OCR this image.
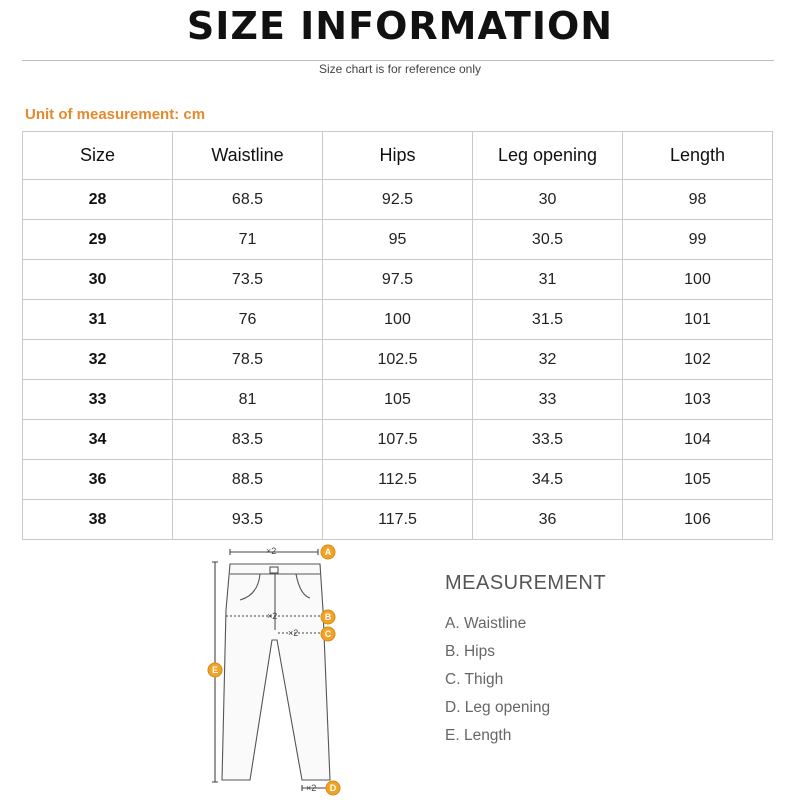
SIZE INFORMATION
Size chart is for reference only
Unit of measurement: cm
Size	Waistline	Hips	Leg opening	Length
28	68.5	92.5	30	98
29	71	95	30.5	99
30	73.5	97.5	31	100
31	76	100	31.5	101
32	78.5	102.5	32	102
33	81	105	33	103
34	83.5	107.5	33.5	104
36	88.5	112.5	34.5	105
38	93.5	117.5	36	106
×2
×2
×2
×2
A
B
C
D
E
MEASUREMENT
A. Waistline
B. Hips
C. Thigh
D. Leg opening
E. Length
